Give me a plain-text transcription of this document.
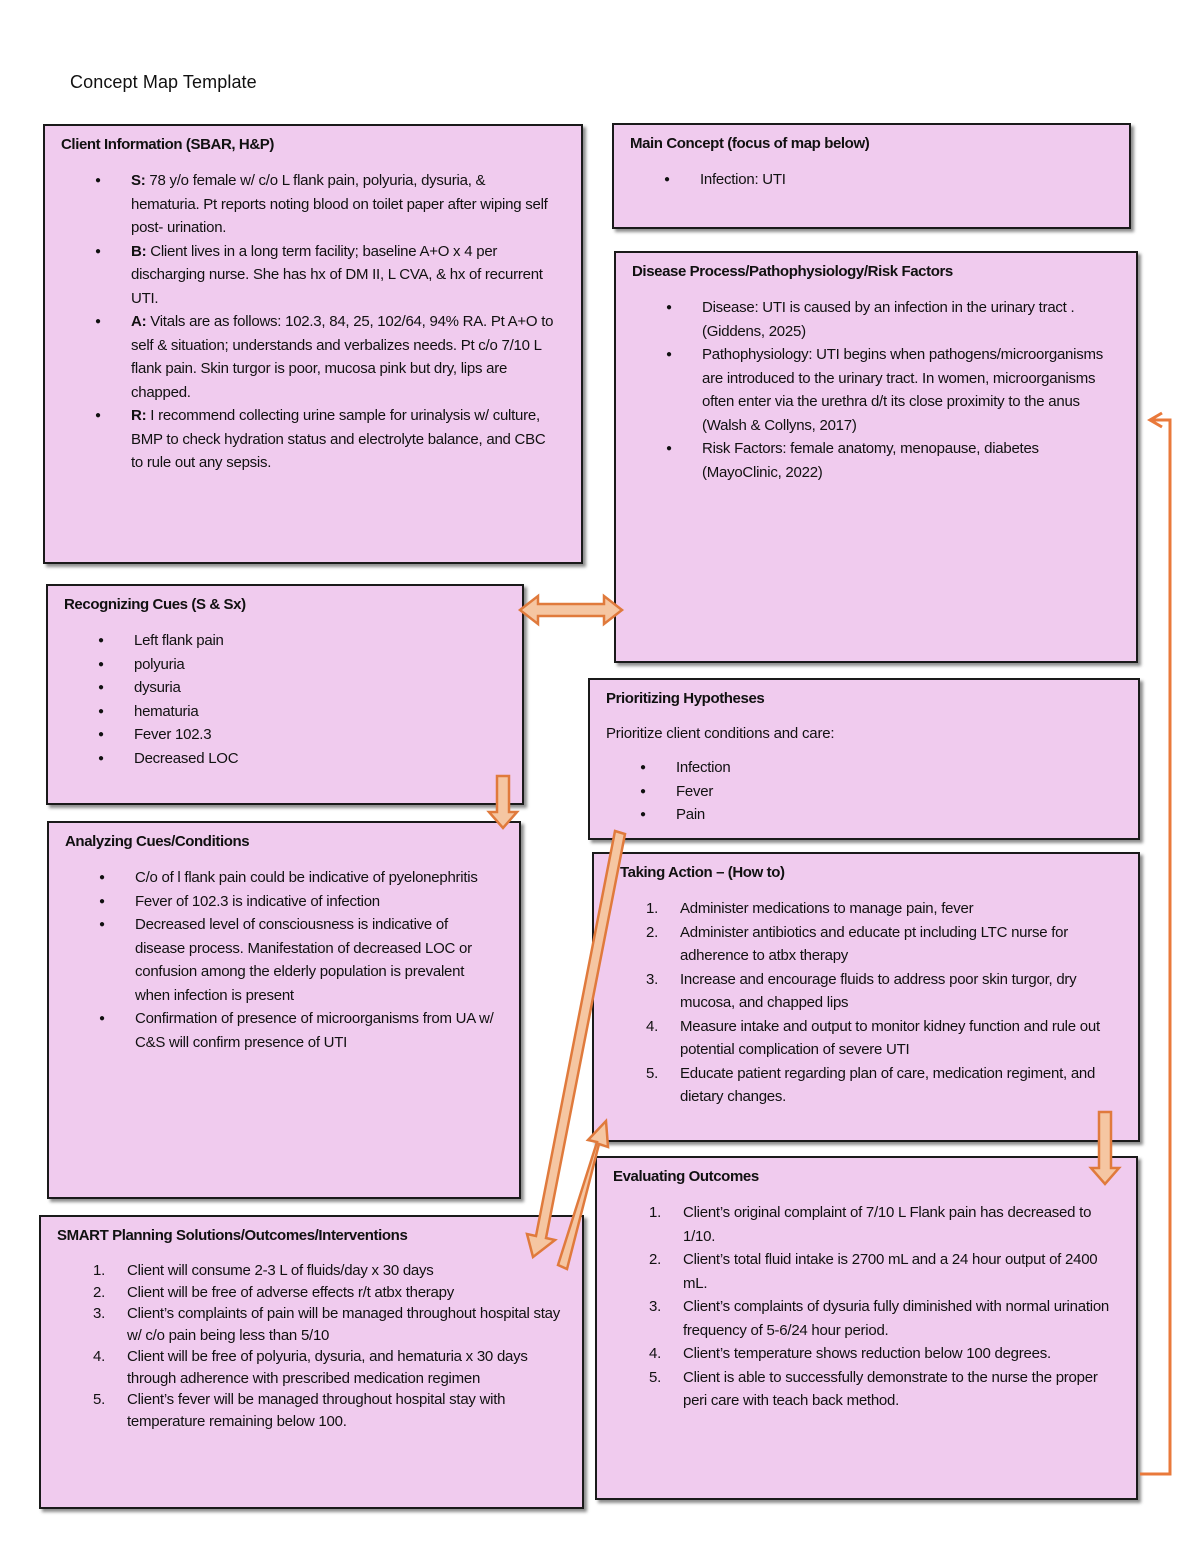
Concept Map Template
Client Information (SBAR, H&P)
● S: 78 y/o female w/ c/o L flank pain, polyuria, dysuria, & hematuria. Pt reports noting blood on toilet paper after wiping self post- urination.
● B: Client lives in a long term facility; baseline A+O x 4 per discharging nurse. She has hx of DM II, L CVA, & hx of recurrent UTI.
● A: Vitals are as follows: 102.3, 84, 25, 102/64, 94% RA. Pt A+O to self & situation; understands and verbalizes needs. Pt c/o 7/10 L flank pain. Skin turgor is poor, mucosa pink but dry, lips are chapped.
● R: I recommend collecting urine sample for urinalysis w/ culture, BMP to check hydration status and electrolyte balance, and CBC to rule out any sepsis.
Main Concept (focus of map below)
● Infection: UTI
Disease Process/Pathophysiology/Risk Factors
● Disease: UTI is caused by an infection in the urinary tract . (Giddens, 2025)
● Pathophysiology: UTI begins when pathogens/microorganisms are introduced to the urinary tract. In women, microorganisms often enter via the urethra d/t its close proximity to the anus (Walsh & Collyns, 2017)
● Risk Factors: female anatomy, menopause, diabetes (MayoClinic, 2022)
Recognizing Cues (S & Sx)
● Left flank pain
● polyuria
● dysuria
● hematuria
● Fever 102.3
● Decreased LOC
Prioritizing Hypotheses

Prioritize client conditions and care:

● Infection
● Fever
● Pain
Analyzing Cues/Conditions
● C/o of l flank pain could be indicative of pyelonephritis
● Fever of 102.3 is indicative of infection
● Decreased level of consciousness is indicative of disease process. Manifestation of decreased LOC or confusion among the elderly population is prevalent when infection is present
● Confirmation of presence of microorganisms from UA w/ C&S will confirm presence of UTI
Taking Action – (How to)
Administer medications to manage pain, fever
Administer antibiotics and educate pt including LTC nurse for adherence to atbx therapy
Increase and encourage fluids to address poor skin turgor, dry mucosa, and chapped lips
Measure intake and output to monitor kidney function and rule out potential complication of severe UTI
Educate patient regarding plan of care, medication regiment, and dietary changes.
SMART Planning Solutions/Outcomes/Interventions
Client will consume 2-3 L of fluids/day x 30 days
Client will be free of adverse effects r/t atbx therapy
Client’s complaints of pain will be managed throughout hospital stay w/ c/o pain being less than 5/10
Client will be free of polyuria, dysuria, and hematuria x 30 days through adherence with prescribed medication regimen
Client’s fever will be managed throughout hospital stay with temperature remaining below 100.
Evaluating Outcomes
Client’s original complaint of 7/10 L Flank pain has decreased to 1/10.
Client’s total fluid intake is 2700 mL and a 24 hour output of 2400 mL.
Client’s complaints of dysuria fully diminished with normal urination frequency of 5-6/24 hour period.
Client’s temperature shows reduction below 100 degrees.
Client is able to successfully demonstrate to the nurse the proper peri care with teach back method.
